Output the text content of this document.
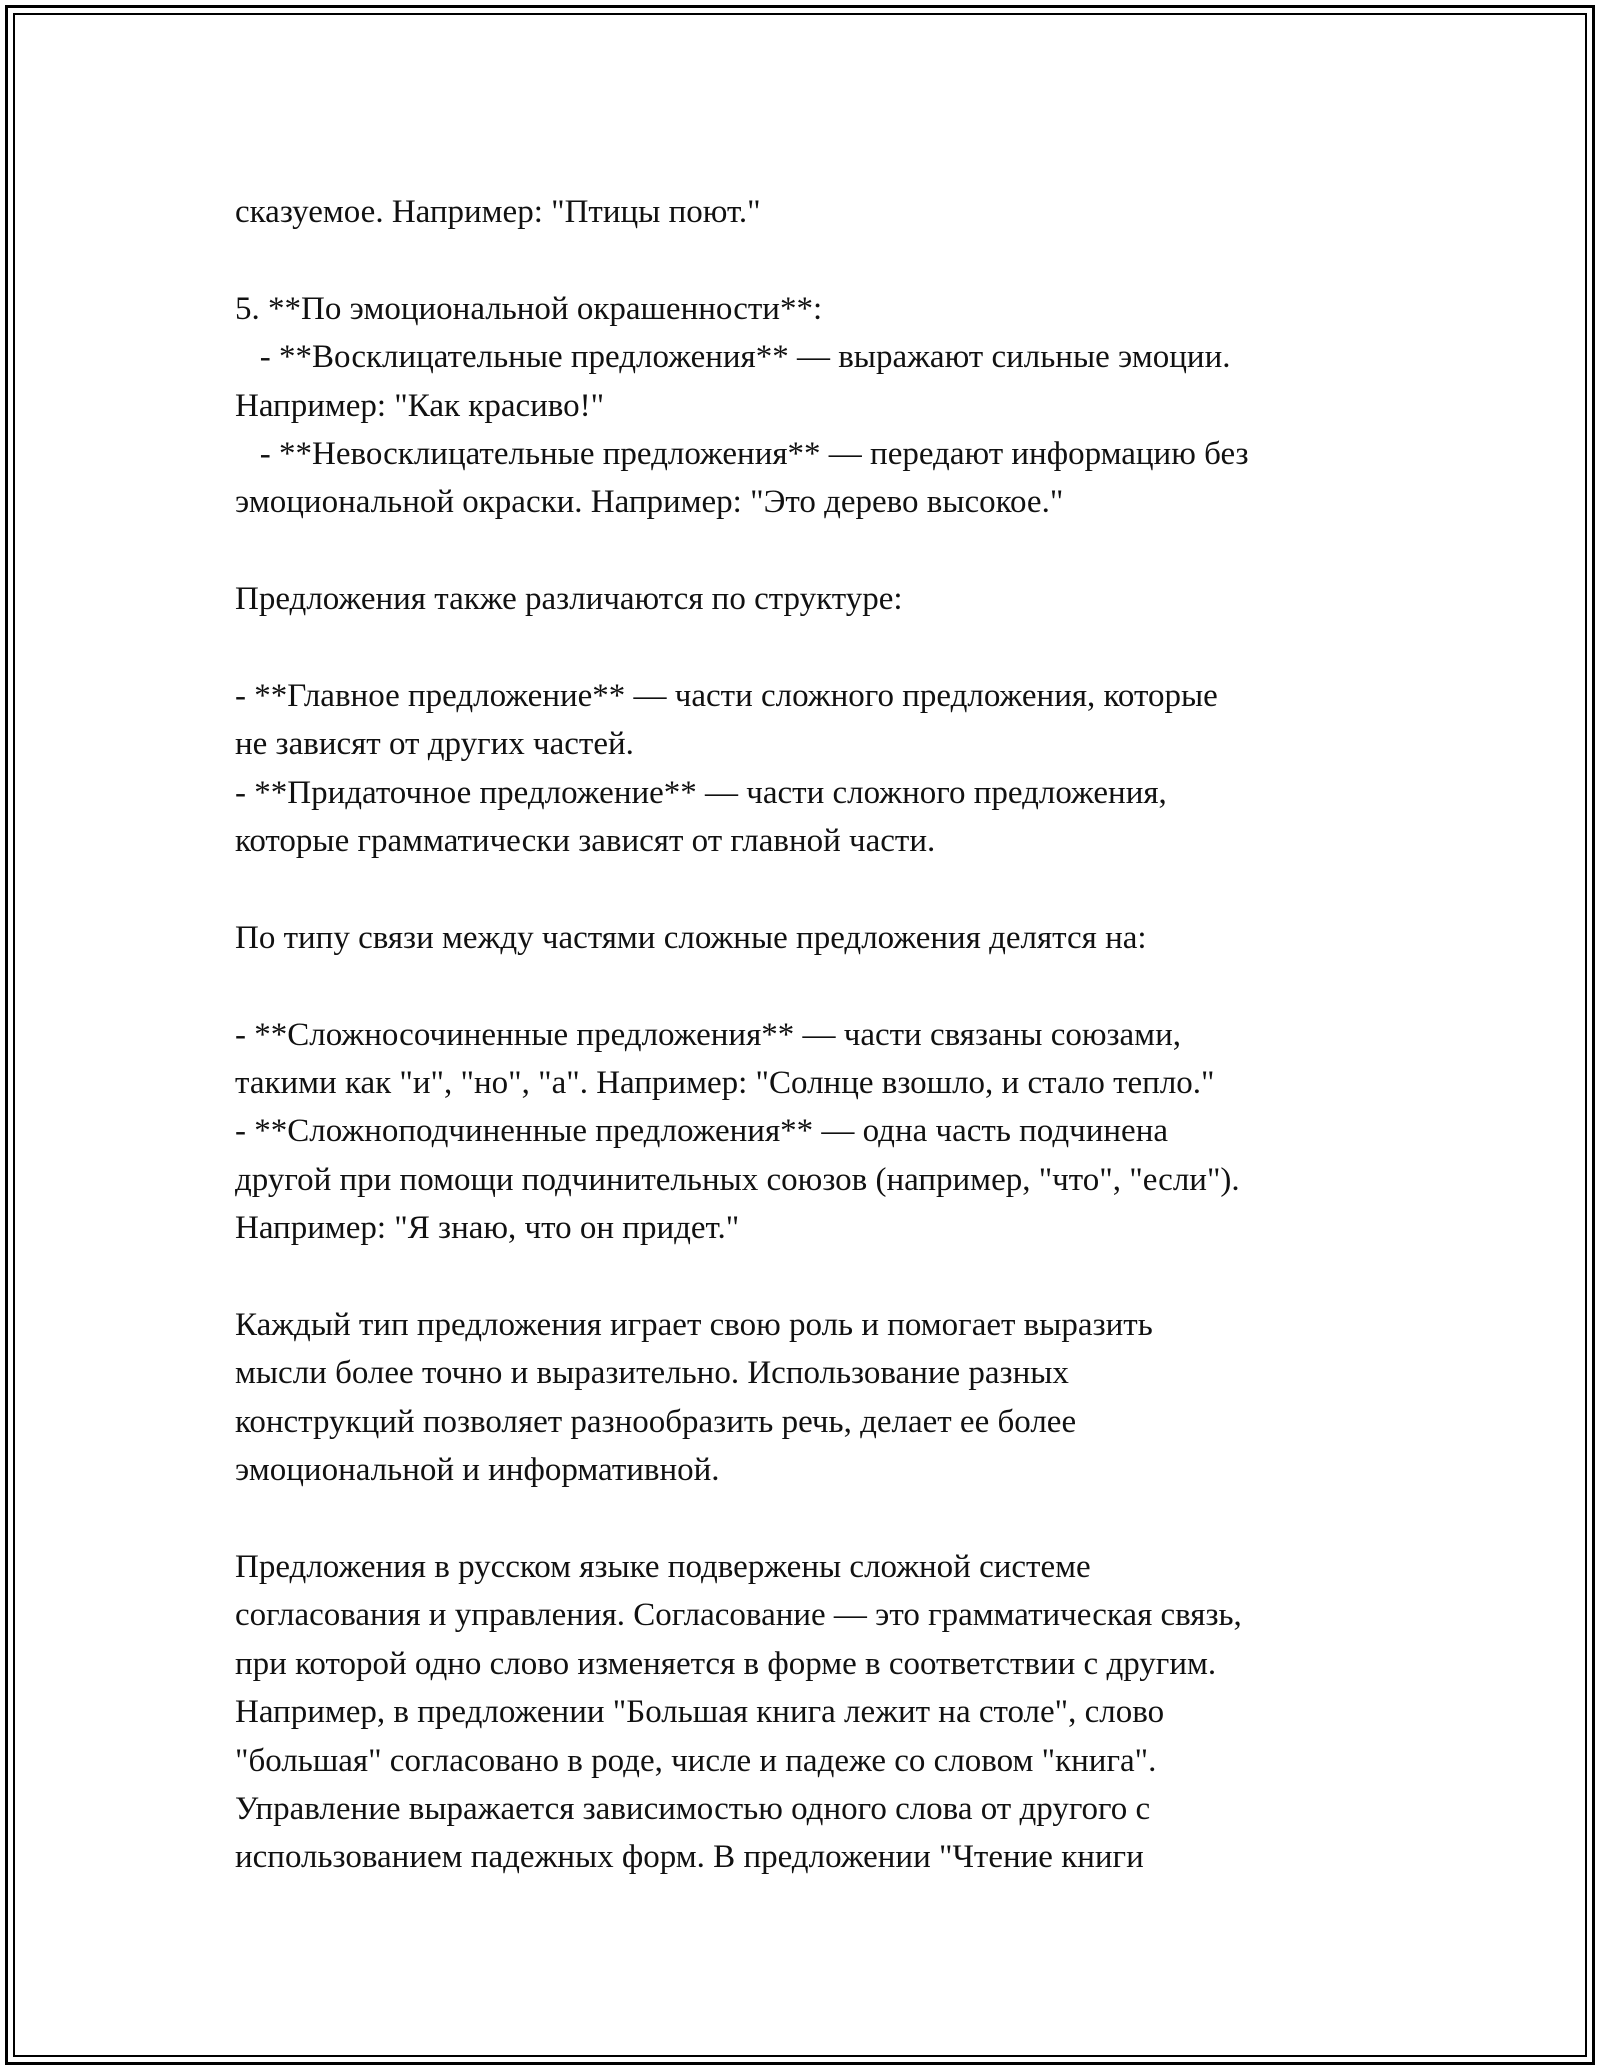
сказуемое. Например: "Птицы поют."
5. **По эмоциональной окрашенности**:
- **Восклицательные предложения** — выражают сильные эмоции.
Например: "Как красиво!"
- **Невосклицательные предложения** — передают информацию без
эмоциональной окраски. Например: "Это дерево высокое."
Предложения также различаются по структуре:
- **Главное предложение** — части сложного предложения, которые
не зависят от других частей.
- **Придаточное предложение** — части сложного предложения,
которые грамматически зависят от главной части.
По типу связи между частями сложные предложения делятся на:
- **Сложносочиненные предложения** — части связаны союзами,
такими как "и", "но", "а". Например: "Солнце взошло, и стало тепло."
- **Сложноподчиненные предложения** — одна часть подчинена
другой при помощи подчинительных союзов (например, "что", "если").
Например: "Я знаю, что он придет."
Каждый тип предложения играет свою роль и помогает выразить
мысли более точно и выразительно. Использование разных
конструкций позволяет разнообразить речь, делает ее более
эмоциональной и информативной.
Предложения в русском языке подвержены сложной системе
согласования и управления. Согласование — это грамматическая связь,
при которой одно слово изменяется в форме в соответствии с другим.
Например, в предложении "Большая книга лежит на столе", слово
"большая" согласовано в роде, числе и падеже со словом "книга".
Управление выражается зависимостью одного слова от другого с
использованием падежных форм. В предложении "Чтение книги
